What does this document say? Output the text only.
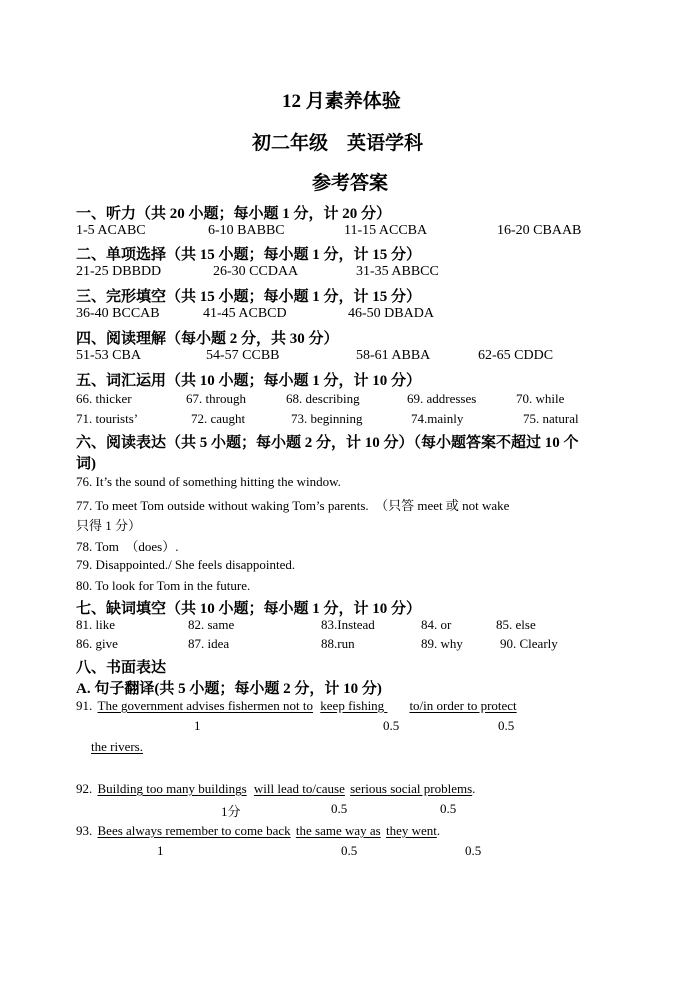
12 月素养体验
初二年级　英语学科
参考答案
一、听力（共 20 小题；每小题 1 分，计 20 分）
1-5 ACABC	6-10 BABBC	11-15 ACCBA	16-20 CBAAB
二、单项选择（共 15 小题；每小题 1 分，计 15 分）
21-25 DBBDD	26-30 CCDAA	31-35 ABBCC
三、完形填空（共 15 小题；每小题 1 分，计 15 分）
36-40 BCCAB	41-45 ACBCD	46-50 DBADA
四、阅读理解（每小题 2 分，共 30 分）
51-53 CBA	54-57 CCBB	58-61 ABBA	62-65 CDDC
五、词汇运用（共 10 小题；每小题 1 分，计 10 分）
66. thicker	67. through	68. describing	69. addresses	70. while
71. tourists’	72. caught	73. beginning	74.mainly	75. natural
六、阅读表达（共 5 小题；每小题 2 分，计 10 分）（每小题答案不超过 10 个
词)
76. It’s the sound of something hitting the window.
77. To meet Tom outside without waking Tom’s parents.　（只答 meet 或 not wake
只得 1 分）
78. Tom　（does）.
79. Disappointed./ She feels disappointed.
80. To look for Tom in the future.
七、缺词填空（共 10 小题；每小题 1 分，计 10 分）
81. like	82. same	83.Instead	84. or	85. else
86. give	87. idea	88.run	89. why	90. Clearly
八、书面表达
A. 句子翻译(共 5 小题；每小题 2 分，计 10 分)
91. The government advises fishermen not to keep fishing to/in order to protect
1	0.5	0.5
the rivers.
92. Building too many buildings will lead to/cause serious social problems.
1分	0.5	0.5
93. Bees always remember to come back the same way as they went.
1	0.5	0.5
